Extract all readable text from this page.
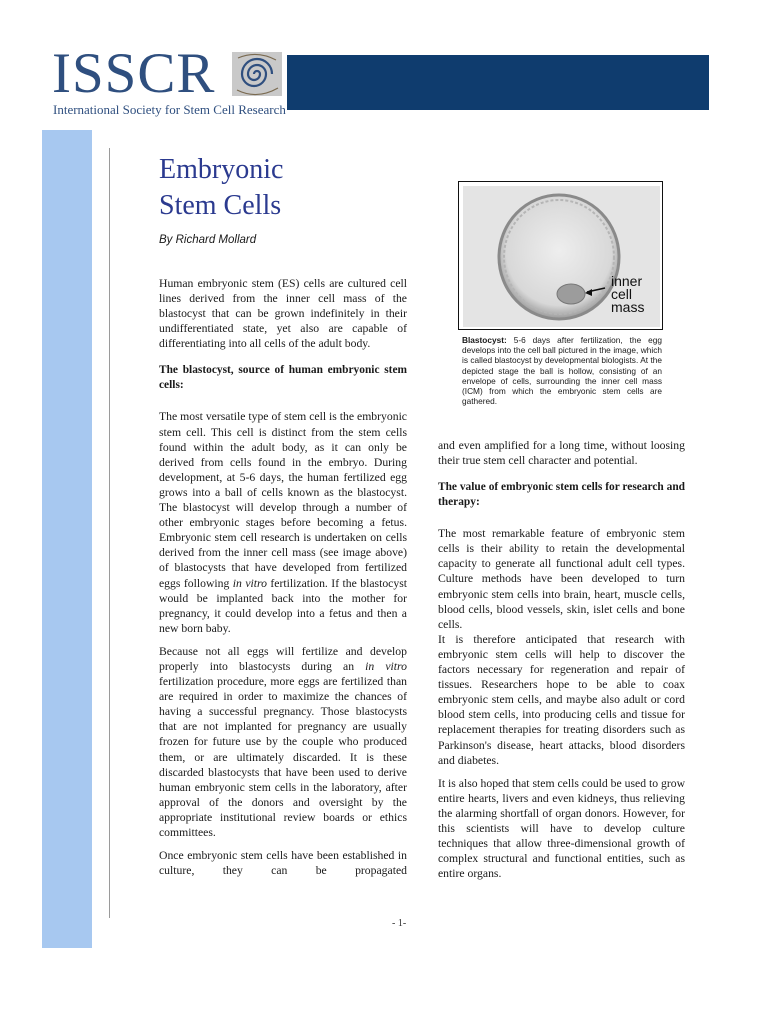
ISSCR
International Society for Stem Cell Research
Embryonic
Stem Cells
By Richard Mollard

Human embryonic stem (ES) cells are cultured cell lines derived from the inner cell mass of the blastocyst that can be grown indefinitely in their undifferentiated state, yet also are capable of differentiating into all cells of the adult body.

The blastocyst, source of human embryonic stem cells:

The most versatile type of stem cell is the embryonic stem cell. This cell is distinct from the stem cells found within the adult body, as it can only be derived from cells found in the embryo. During development, at 5-6 days, the human fertilized egg grows into a ball of cells known as the blastocyst. The blastocyst will develop through a number of other embryonic stages before becoming a fetus. Embryonic stem cell research is undertaken on cells derived from the inner cell mass (see image above) of blastocysts that have developed from fertilized eggs following in vitro fertilization. If the blastocyst would be implanted back into the mother for pregnancy, it could develop into a fetus and then a new born baby.

Because not all eggs will fertilize and develop properly into blastocysts during an in vitro fertilization procedure, more eggs are fertilized than are required in order to maximize the chances of having a successful pregnancy. Those blastocysts that are not implanted for pregnancy are usually frozen for future use by the couple who produced them, or are ultimately discarded. It is these discarded blastocysts that have been used to derive human embryonic stem cells in the laboratory, after approval of the donors and oversight by the appropriate institutional review boards or ethics committees.

Once embryonic stem cells have been established in culture, they can be propagated

inner
cell
mass
Blastocyst: 5-6 days after fertilization, the egg develops into the cell ball pictured in the image, which is called blastocyst by developmental biologists. At the depicted stage the ball is hollow, consisting of an envelope of cells, surrounding the inner cell mass (ICM) from which the embryonic stem cells are gathered.

and even amplified for a long time, without loosing their true stem cell character and potential.

The value of embryonic stem cells for research and therapy:

The most remarkable feature of embryonic stem cells is their ability to retain the developmental capacity to generate all functional adult cell types. Culture methods have been developed to turn embryonic stem cells into brain, heart, muscle cells, blood cells, blood vessels, skin, islet cells and bone cells.

It is therefore anticipated that research with embryonic stem cells will help to discover the factors necessary for regeneration and repair of tissues. Researchers hope to be able to coax embryonic stem cells, and maybe also adult or cord blood stem cells, into producing cells and tissue for replacement therapies for treating disorders such as Parkinson's disease, heart attacks, blood disorders and diabetes.

It is also hoped that stem cells could be used to grow entire hearts, livers and even kidneys, thus relieving the alarming shortfall of organ donors. However, for this scientists will have to develop culture techniques that allow three-dimensional growth of complex structural and functional entities, such as entire organs.

- 1-
